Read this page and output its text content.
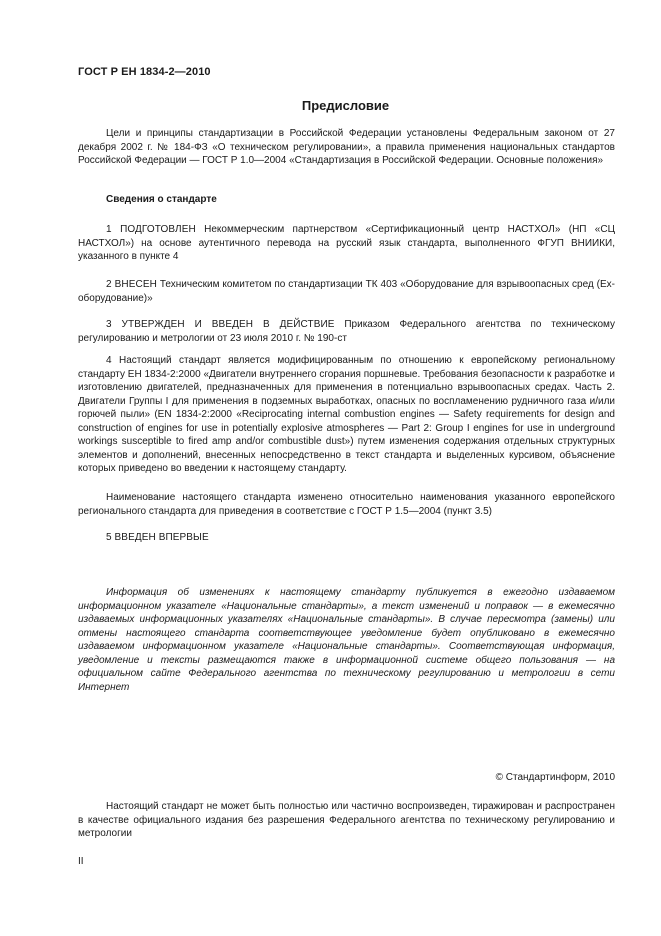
ГОСТ Р ЕН 1834-2—2010
Предисловие

Цели и принципы стандартизации в Российской Федерации установлены Федеральным законом от 27 декабря 2002 г. № 184-ФЗ «О техническом регулировании», а правила применения национальных стандартов Российской Федерации — ГОСТ Р 1.0—2004 «Стандартизация в Российской Федерации. Основные положения»

Сведения о стандарте

1 ПОДГОТОВЛЕН Некоммерческим партнерством «Сертификационный центр НАСТХОЛ» (НП «СЦ НАСТХОЛ») на основе аутентичного перевода на русский язык стандарта, выполненного ФГУП ВНИИКИ, указанного в пункте 4

2 ВНЕСЕН Техническим комитетом по стандартизации ТК 403 «Оборудование для взрывоопасных сред (Ех-оборудование)»

3 УТВЕРЖДЕН И ВВЕДЕН В ДЕЙСТВИЕ Приказом Федерального агентства по техническому регулированию и метрологии от 23 июля 2010 г. № 190-ст

4 Настоящий стандарт является модифицированным по отношению к европейскому региональному стандарту ЕН 1834-2:2000 «Двигатели внутреннего сгорания поршневые. Требования безопасности к разработке и изготовлению двигателей, предназначенных для применения в потенциально взрывоопасных средах. Часть 2. Двигатели Группы I для применения в подземных выработках, опасных по воспламенению рудничного газа и/или горючей пыли» (EN 1834-2:2000 «Reciprocating internal combustion engines — Safety requirements for design and construction of engines for use in potentially explosive atmospheres — Part 2: Group I engines for use in underground workings susceptible to fired amp and/or combustible dust») путем изменения содержания отдельных структурных элементов и дополнений, внесенных непосредственно в текст стандарта и выделенных курсивом, объяснение которых приведено во введении к настоящему стандарту.

Наименование настоящего стандарта изменено относительно наименования указанного европейского регионального стандарта для приведения в соответствие с ГОСТ Р 1.5—2004 (пункт 3.5)

5 ВВЕДЕН ВПЕРВЫЕ

Информация об изменениях к настоящему стандарту публикуется в ежегодно издаваемом информационном указателе «Национальные стандарты», а текст изменений и поправок — в ежемесячно издаваемых информационных указателях «Национальные стандарты». В случае пересмотра (замены) или отмены настоящего стандарта соответствующее уведомление будет опубликовано в ежемесячно издаваемом информационном указателе «Национальные стандарты». Соответствующая информация, уведомление и тексты размещаются также в информационной системе общего пользования — на официальном сайте Федерального агентства по техническому регулированию и метрологии в сети Интернет

© Стандартинформ, 2010

Настоящий стандарт не может быть полностью или частично воспроизведен, тиражирован и распространен в качестве официального издания без разрешения Федерального агентства по техническому регулированию и метрологии

II
